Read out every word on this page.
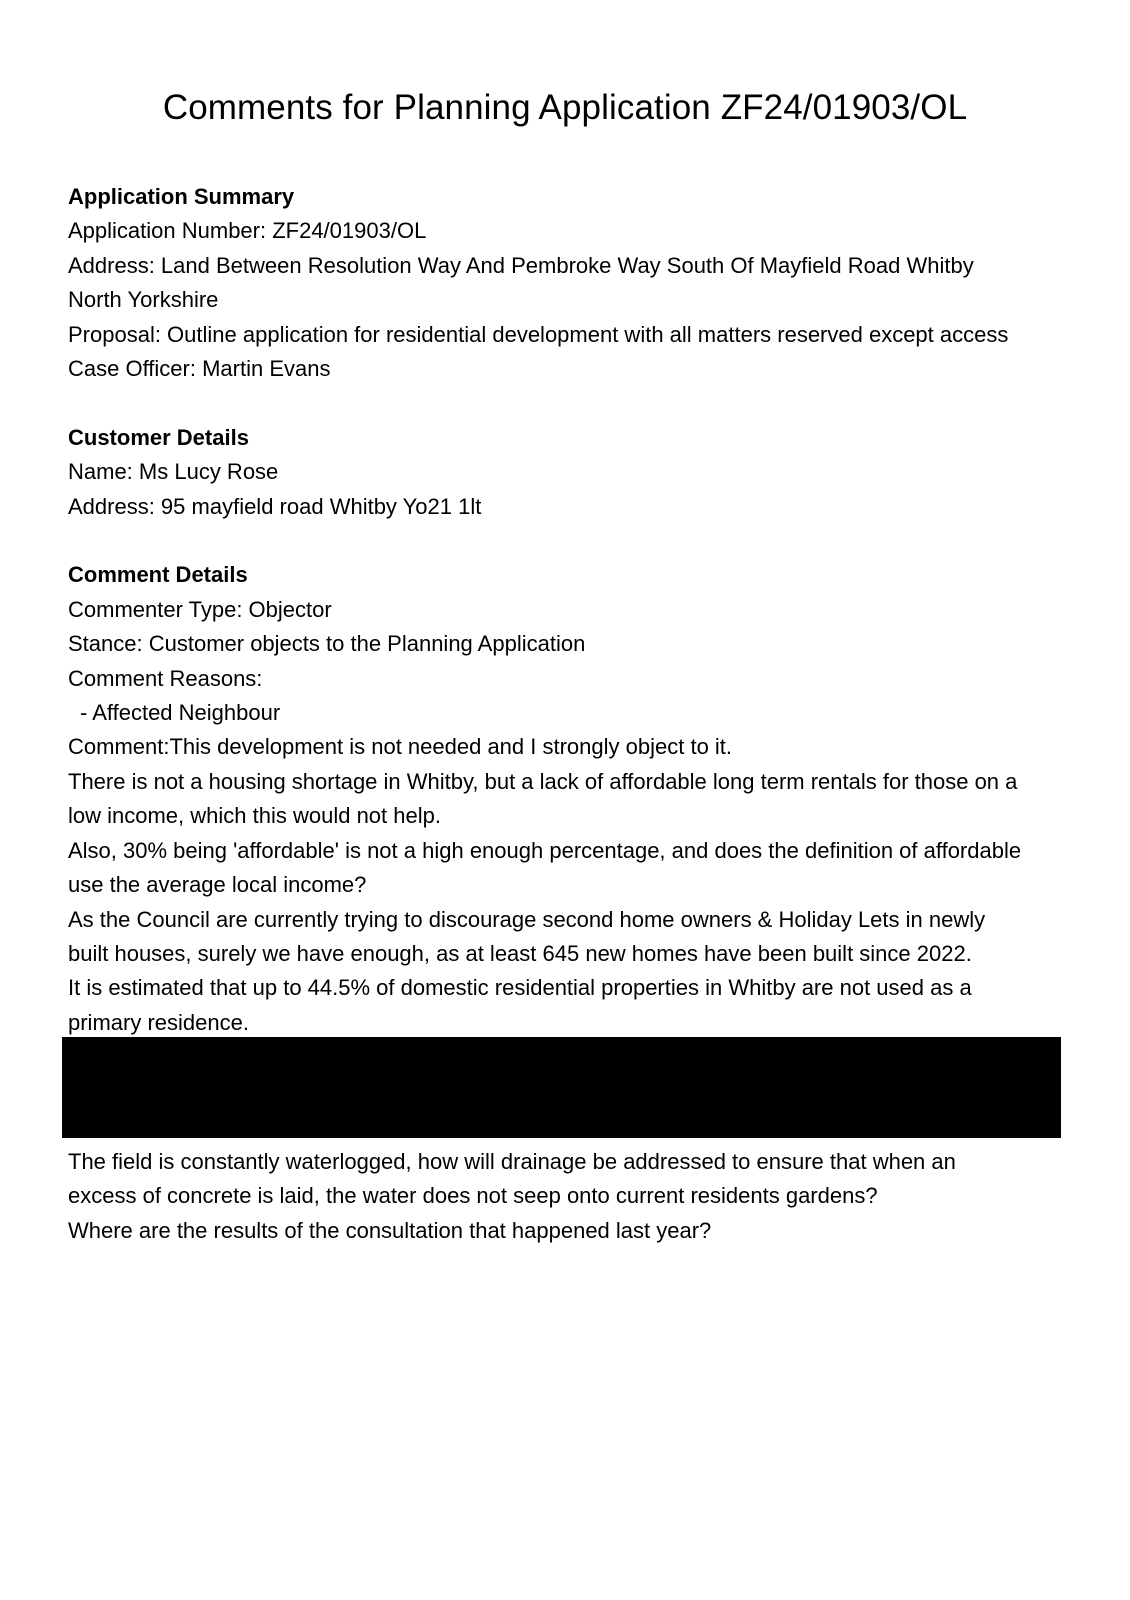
Comments for Planning Application ZF24/01903/OL
Application Summary
Application Number: ZF24/01903/OL
Address: Land Between Resolution Way And Pembroke Way South Of Mayfield Road Whitby
North Yorkshire
Proposal: Outline application for residential development with all matters reserved except access
Case Officer: Martin Evans
Customer Details
Name: Ms Lucy Rose
Address: 95 mayfield road Whitby Yo21 1lt
Comment Details
Commenter Type: Objector
Stance: Customer objects to the Planning Application
Comment Reasons:
- Affected Neighbour
Comment:This development is not needed and I strongly object to it.
There is not a housing shortage in Whitby, but a lack of affordable long term rentals for those on a
low income, which this would not help.
Also, 30% being 'affordable' is not a high enough percentage, and does the definition of affordable
use the average local income?
As the Council are currently trying to discourage second home owners & Holiday Lets in newly
built houses, surely we have enough, as at least 645 new homes have been built since 2022.
It is estimated that up to 44.5% of domestic residential properties in Whitby are not used as a
primary residence.
The field is constantly waterlogged, how will drainage be addressed to ensure that when an
excess of concrete is laid, the water does not seep onto current residents gardens?
Where are the results of the consultation that happened last year?
